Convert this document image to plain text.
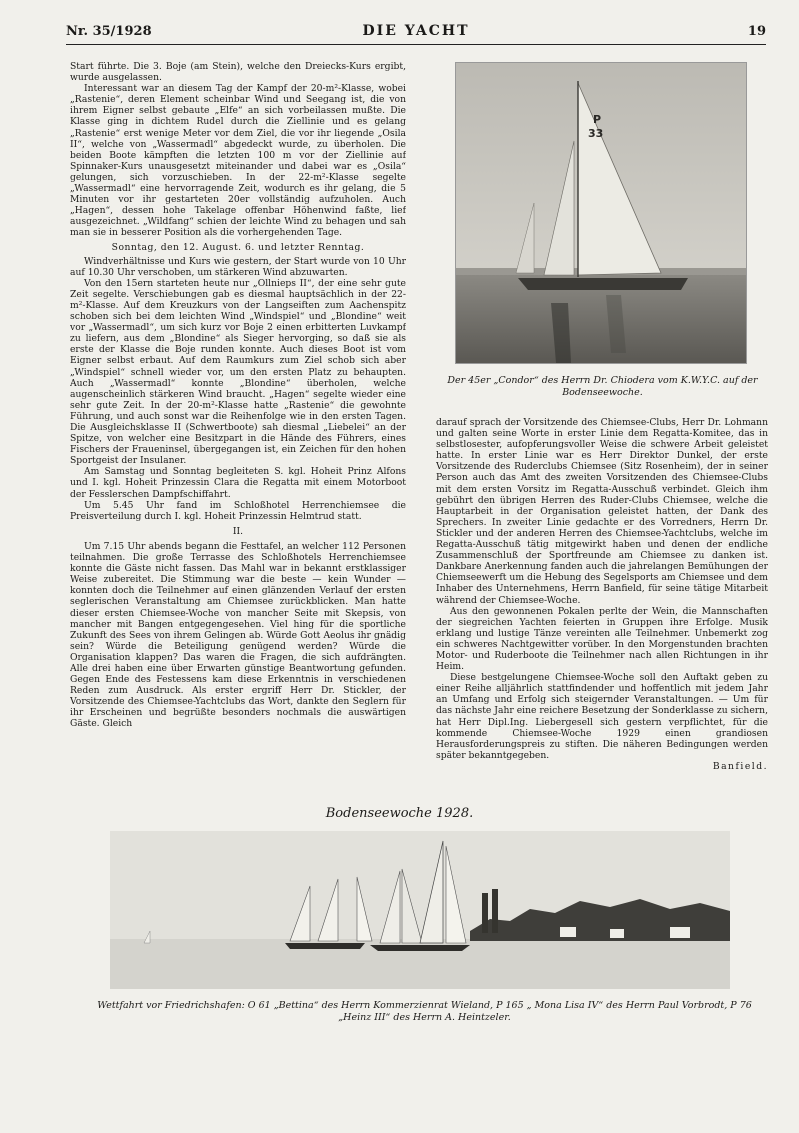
Nr. 35/1928	DIE YACHT	19

Start führte. Die 3. Boje (am Stein), welche den Dreiecks-Kurs ergibt, wurde ausgelassen.

Interessant war an diesem Tag der Kampf der 20-m²-Klasse, wobei „Rastenie“, deren Element scheinbar Wind und Seegang ist, die von ihrem Eigner selbst gebaute „Elfe“ an sich vorbeilassen mußte. Die Klasse ging in dichtem Rudel durch die Ziellinie und es gelang „Rastenie“ erst wenige Meter vor dem Ziel, die vor ihr liegende „Osila II“, welche von „Wassermadl“ abgedeckt wurde, zu überholen. Die beiden Boote kämpften die letzten 100 m vor der Ziellinie auf Spinnaker-Kurs unausgesetzt miteinander und dabei war es „Osila“ gelungen, sich vorzuschieben. In der 22-m²-Klasse segelte „Wassermadl“ eine hervorragende Zeit, wodurch es ihr gelang, die 5 Minuten vor ihr gestarteten 20er vollständig aufzuholen. Auch „Hagen“, dessen hohe Takelage offenbar Höhenwind faßte, lief ausgezeichnet. „Wildfang“ schien der leichte Wind zu behagen und sah man sie in besserer Position als die vorhergehenden Tage.

Sonntag, den 12. August. 6. und letzter Renntag.

Windverhältnisse und Kurs wie gestern, der Start wurde von 10 Uhr auf 10.30 Uhr verschoben, um stärkeren Wind abzuwarten.

Von den 15ern starteten heute nur „Ollnieps II“, der eine sehr gute Zeit segelte. Verschiebungen gab es diesmal hauptsächlich in der 22-m²-Klasse. Auf dem Kreuzkurs von der Langseiften zum Aachenspitz schoben sich bei dem leichten Wind „Windspiel“ und „Blondine“ weit vor „Wassermadl“, um sich kurz vor Boje 2 einen erbitterten Luvkampf zu liefern, aus dem „Blondine“ als Sieger hervorging, so daß sie als erste der Klasse die Boje runden konnte. Auch dieses Boot ist vom Eigner selbst erbaut. Auf dem Raumkurs zum Ziel schob sich aber „Windspiel“ schnell wieder vor, um den ersten Platz zu behaupten. Auch „Wassermadl“ konnte „Blondine“ überholen, welche augenscheinlich stärkeren Wind braucht. „Hagen“ segelte wieder eine sehr gute Zeit. In der 20-m²-Klasse hatte „Rastenie“ die gewohnte Führung, und auch sonst war die Reihenfolge wie in den ersten Tagen. Die Ausgleichsklasse II (Schwertboote) sah diesmal „Liebelei“ an der Spitze, von welcher eine Besitzpart in die Hände des Führers, eines Fischers der Fraueninsel, übergegangen ist, ein Zeichen für den hohen Sportgeist der Insulaner.

Am Samstag und Sonntag begleiteten S. kgl. Hoheit Prinz Alfons und I. kgl. Hoheit Prinzessin Clara die Regatta mit einem Motorboot der Fesslerschen Dampfschiffahrt.

Um 5.45 Uhr fand im Schloßhotel Herrenchiemsee die Preisverteilung durch I. kgl. Hoheit Prinzessin Helmtrud statt.

II.

Um 7.15 Uhr abends begann die Festtafel, an welcher 112 Personen teilnahmen. Die große Terrasse des Schloßhotels Herrenchiemsee konnte die Gäste nicht fassen. Das Mahl war in bekannt erstklassiger Weise zubereitet. Die Stimmung war die beste — kein Wunder — konnten doch die Teilnehmer auf einen glänzenden Verlauf der ersten seglerischen Veranstaltung am Chiemsee zurückblicken. Man hatte dieser ersten Chiemsee-Woche von mancher Seite mit Skepsis, von mancher mit Bangen entgegengesehen. Viel hing für die sportliche Zukunft des Sees von ihrem Gelingen ab. Würde Gott Aeolus ihr gnädig sein? Würde die Beteiligung genügend werden? Würde die Organisation klappen? Das waren die Fragen, die sich aufdrängten. Alle drei haben eine über Erwarten günstige Beantwortung gefunden. Gegen Ende des Festessens kam diese Erkenntnis in verschiedenen Reden zum Ausdruck. Als erster ergriff Herr Dr. Stickler, der Vorsitzende des Chiemsee-Yachtclubs das Wort, dankte den Seglern für ihr Erscheinen und begrüßte besonders nochmals die auswärtigen Gäste. Gleich

P
33
Der 45er „Condor“ des Herrn Dr. Chiodera vom K.W.Y.C. auf der Bodenseewoche.

darauf sprach der Vorsitzende des Chiemsee-Clubs, Herr Dr. Lohmann und galten seine Worte in erster Linie dem Regatta-Komitee, das in selbstlosester, aufopferungsvoller Weise die schwere Arbeit geleistet hatte. In erster Linie war es Herr Direktor Dunkel, der erste Vorsitzende des Ruderclubs Chiemsee (Sitz Rosenheim), der in seiner Person auch das Amt des zweiten Vorsitzenden des Chiemsee-Clubs mit dem ersten Vorsitz im Regatta-Ausschuß verbindet. Gleich ihm gebührt den übrigen Herren des Ruder-Clubs Chiemsee, welche die Hauptarbeit in der Organisation geleistet hatten, der Dank des Sprechers. In zweiter Linie gedachte er des Vorredners, Herrn Dr. Stickler und der anderen Herren des Chiemsee-Yachtclubs, welche im Regatta-Ausschuß tätig mitgewirkt haben und denen der endliche Zusammenschluß der Sportfreunde am Chiemsee zu danken ist. Dankbare Anerkennung fanden auch die jahrelangen Bemühungen der Chiemseewerft um die Hebung des Segelsports am Chiemsee und dem Inhaber des Unternehmens, Herrn Banfield, für seine tätige Mitarbeit während der Chiemsee-Woche.

Aus den gewonnenen Pokalen perlte der Wein, die Mannschaften der siegreichen Yachten feierten in Gruppen ihre Erfolge. Musik erklang und lustige Tänze vereinten alle Teilnehmer. Unbemerkt zog ein schweres Nachtgewitter vorüber. In den Morgenstunden brachten Motor- und Ruderboote die Teilnehmer nach allen Richtungen in ihr Heim.

Diese bestgelungene Chiemsee-Woche soll den Auftakt geben zu einer Reihe alljährlich stattfindender und hoffentlich mit jedem Jahr an Umfang und Erfolg sich steigernder Veranstaltungen. — Um für das nächste Jahr eine reichere Besetzung der Sonderklasse zu sichern, hat Herr Dipl.Ing. Liebergesell sich gestern verpflichtet, für die kommende Chiemsee-Woche 1929 einen grandiosen Herausforderungspreis zu stiften. Die näheren Bedingungen werden später bekanntgegeben.

Banfield.

Bodenseewoche 1928.
Wettfahrt vor Friedrichshafen: O 61 „Bettina“ des Herrn Kommerzienrat Wieland, P 165 „ Mona Lisa IV“ des Herrn Paul Vorbrodt, P 76 „Heinz III“ des Herrn A. Heintzeler.
